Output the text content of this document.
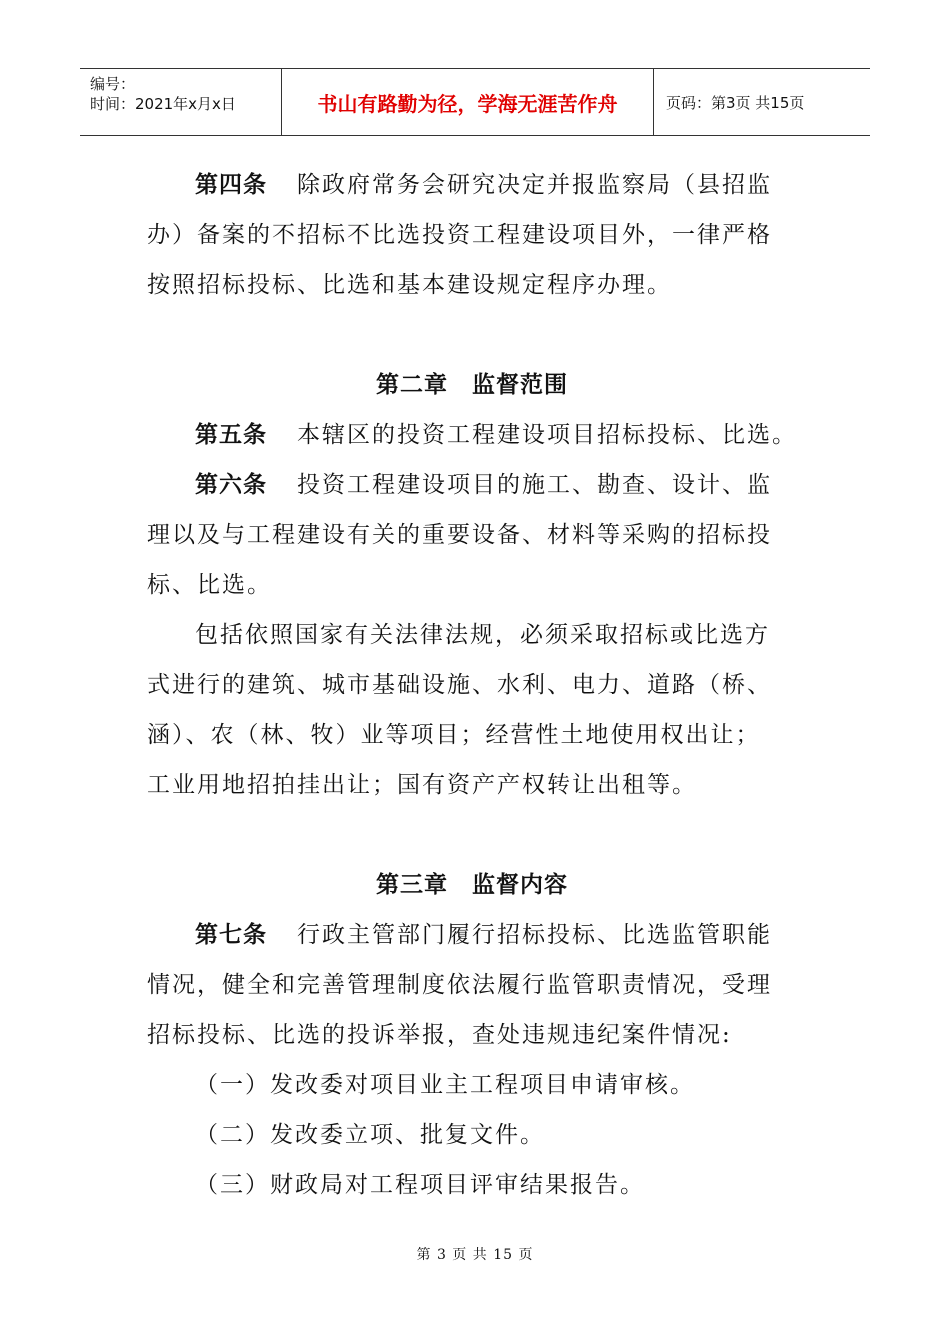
编号：
时间：2021年x月x日	书山有路勤为径，学海无涯苦作舟	页码：第3页 共15页
第四条 除政府常务会研究决定并报监察局（县招监
办）备案的不招标不比选投资工程建设项目外，一律严格
按照招标投标、比选和基本建设规定程序办理。
第二章　监督范围
第五条 本辖区的投资工程建设项目招标投标、比选。
第六条 投资工程建设项目的施工、勘查、设计、监
理以及与工程建设有关的重要设备、材料等采购的招标投
标、比选。
包括依照国家有关法律法规，必须采取招标或比选方
式进行的建筑、城市基础设施、水利、电力、道路（桥、
涵）、农（林、牧）业等项目；经营性土地使用权出让；
工业用地招拍挂出让；国有资产产权转让出租等。
第三章　监督内容
第七条 行政主管部门履行招标投标、比选监管职能
情况，健全和完善管理制度依法履行监管职责情况，受理
招标投标、比选的投诉举报，查处违规违纪案件情况:
（一）发改委对项目业主工程项目申请审核。
（二）发改委立项、批复文件。
（三）财政局对工程项目评审结果报告。
第 3 页 共 15 页
